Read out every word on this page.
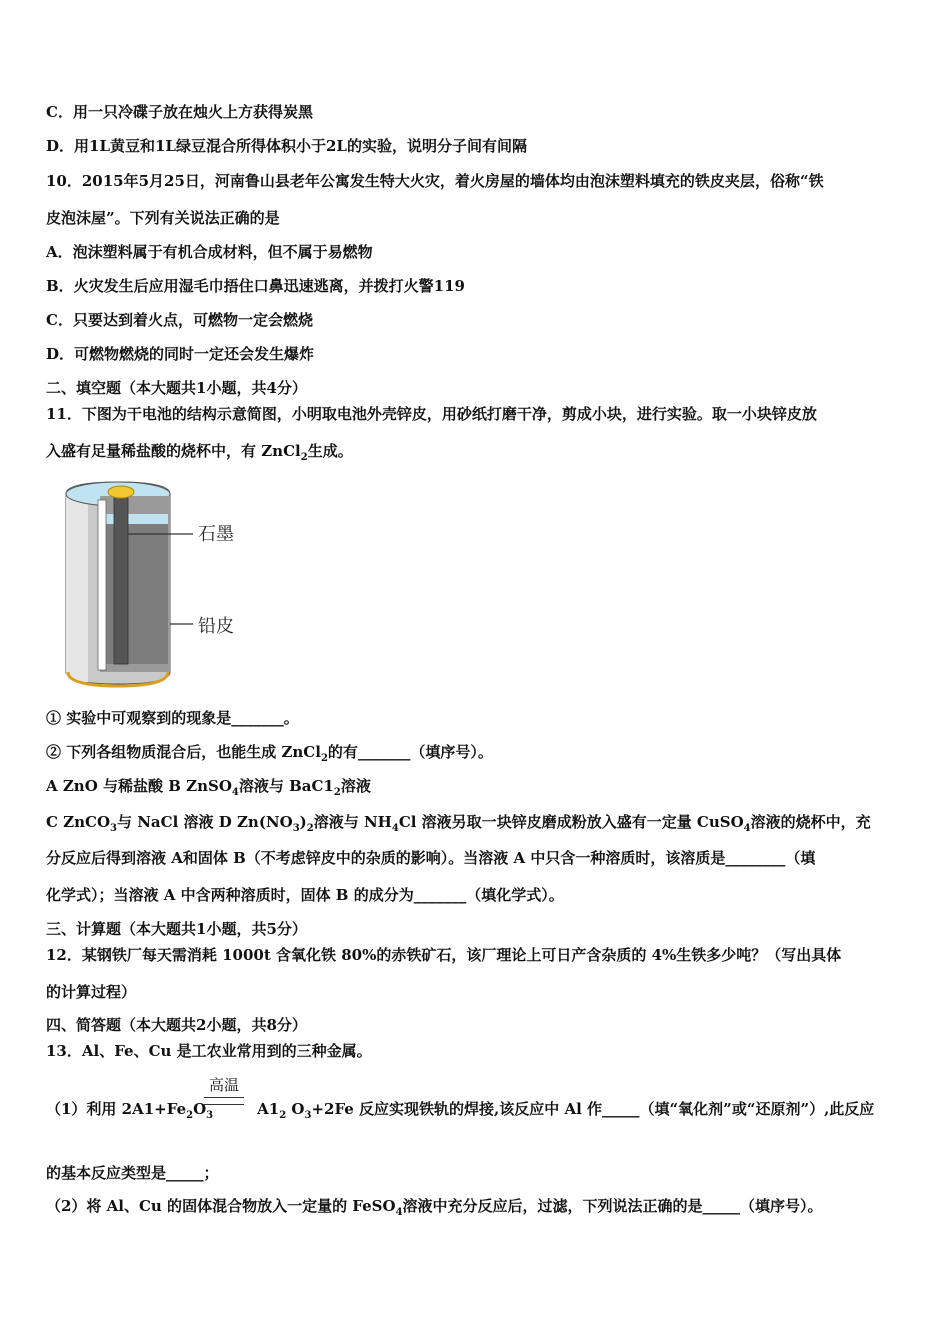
C．用一只冷碟子放在烛火上方获得炭黑
D．用1L黄豆和1L绿豆混合所得体积小于2L的实验，说明分子间有间隔
10．2015年5月25日，河南鲁山县老年公寓发生特大火灾，着火房屋的墙体均由泡沫塑料填充的铁皮夹层，俗称“铁
皮泡沫屋”。下列有关说法正确的是
A．泡沫塑料属于有机合成材料，但不属于易燃物
B．火灾发生后应用湿毛巾捂住口鼻迅速逃离，并拨打火警119
C．只要达到着火点，可燃物一定会燃烧
D．可燃物燃烧的同时一定还会发生爆炸
二、填空题（本大题共1小题，共4分）
11．下图为干电池的结构示意简图，小明取电池外壳锌皮，用砂纸打磨干净，剪成小块，进行实验。取一小块锌皮放
入盛有足量稀盐酸的烧杯中，有 ZnCl$_2$生成。
石墨
铅皮
① 实验中可观察到的现象是_______。
② 下列各组物质混合后，也能生成 ZnCl$_2$的有_______（填序号）。
A ZnO 与稀盐酸 B ZnSO$_4$溶液与 $BaC1_2$溶液
C ZnCO$_3$与 NaCl 溶液 D $Zn(NO_3)_2$溶液与 $NH_4Cl$ 溶液另取一块锌皮磨成粉放入盛有一定量 CuSO$_4$溶液的烧杯中，充
分反应后得到溶液 A和固体 B（不考虑锌皮中的杂质的影响）。当溶液 A 中只含一种溶质时，该溶质是________（填
化学式）；当溶液 A 中含两种溶质时，固体 B 的成分为_______（填化学式）。
三、计算题（本大题共1小题，共5分）
12．某钢铁厂每天需消耗 1000t 含氧化铁 80%的赤铁矿石，该厂理论上可日产含杂质的 4%生铁多少吨？（写出具体
的计算过程）
四、简答题（本大题共2小题，共8分）
13．Al、Fe、Cu 是工农业常用到的三种金属。
高温
（1）利用 $2A1+Fe_2O_3$	$A1_2$ $O_3+2Fe$ 反应实现铁轨的焊接,该反应中 Al 作_____（填“氧化剂”或“还原剂”）,此反应
的基本反应类型是_____；
（2）将 Al、Cu 的固体混合物放入一定量的 FeSO$_4$溶液中充分反应后，过滤，下列说法正确的是_____（填序号）。
